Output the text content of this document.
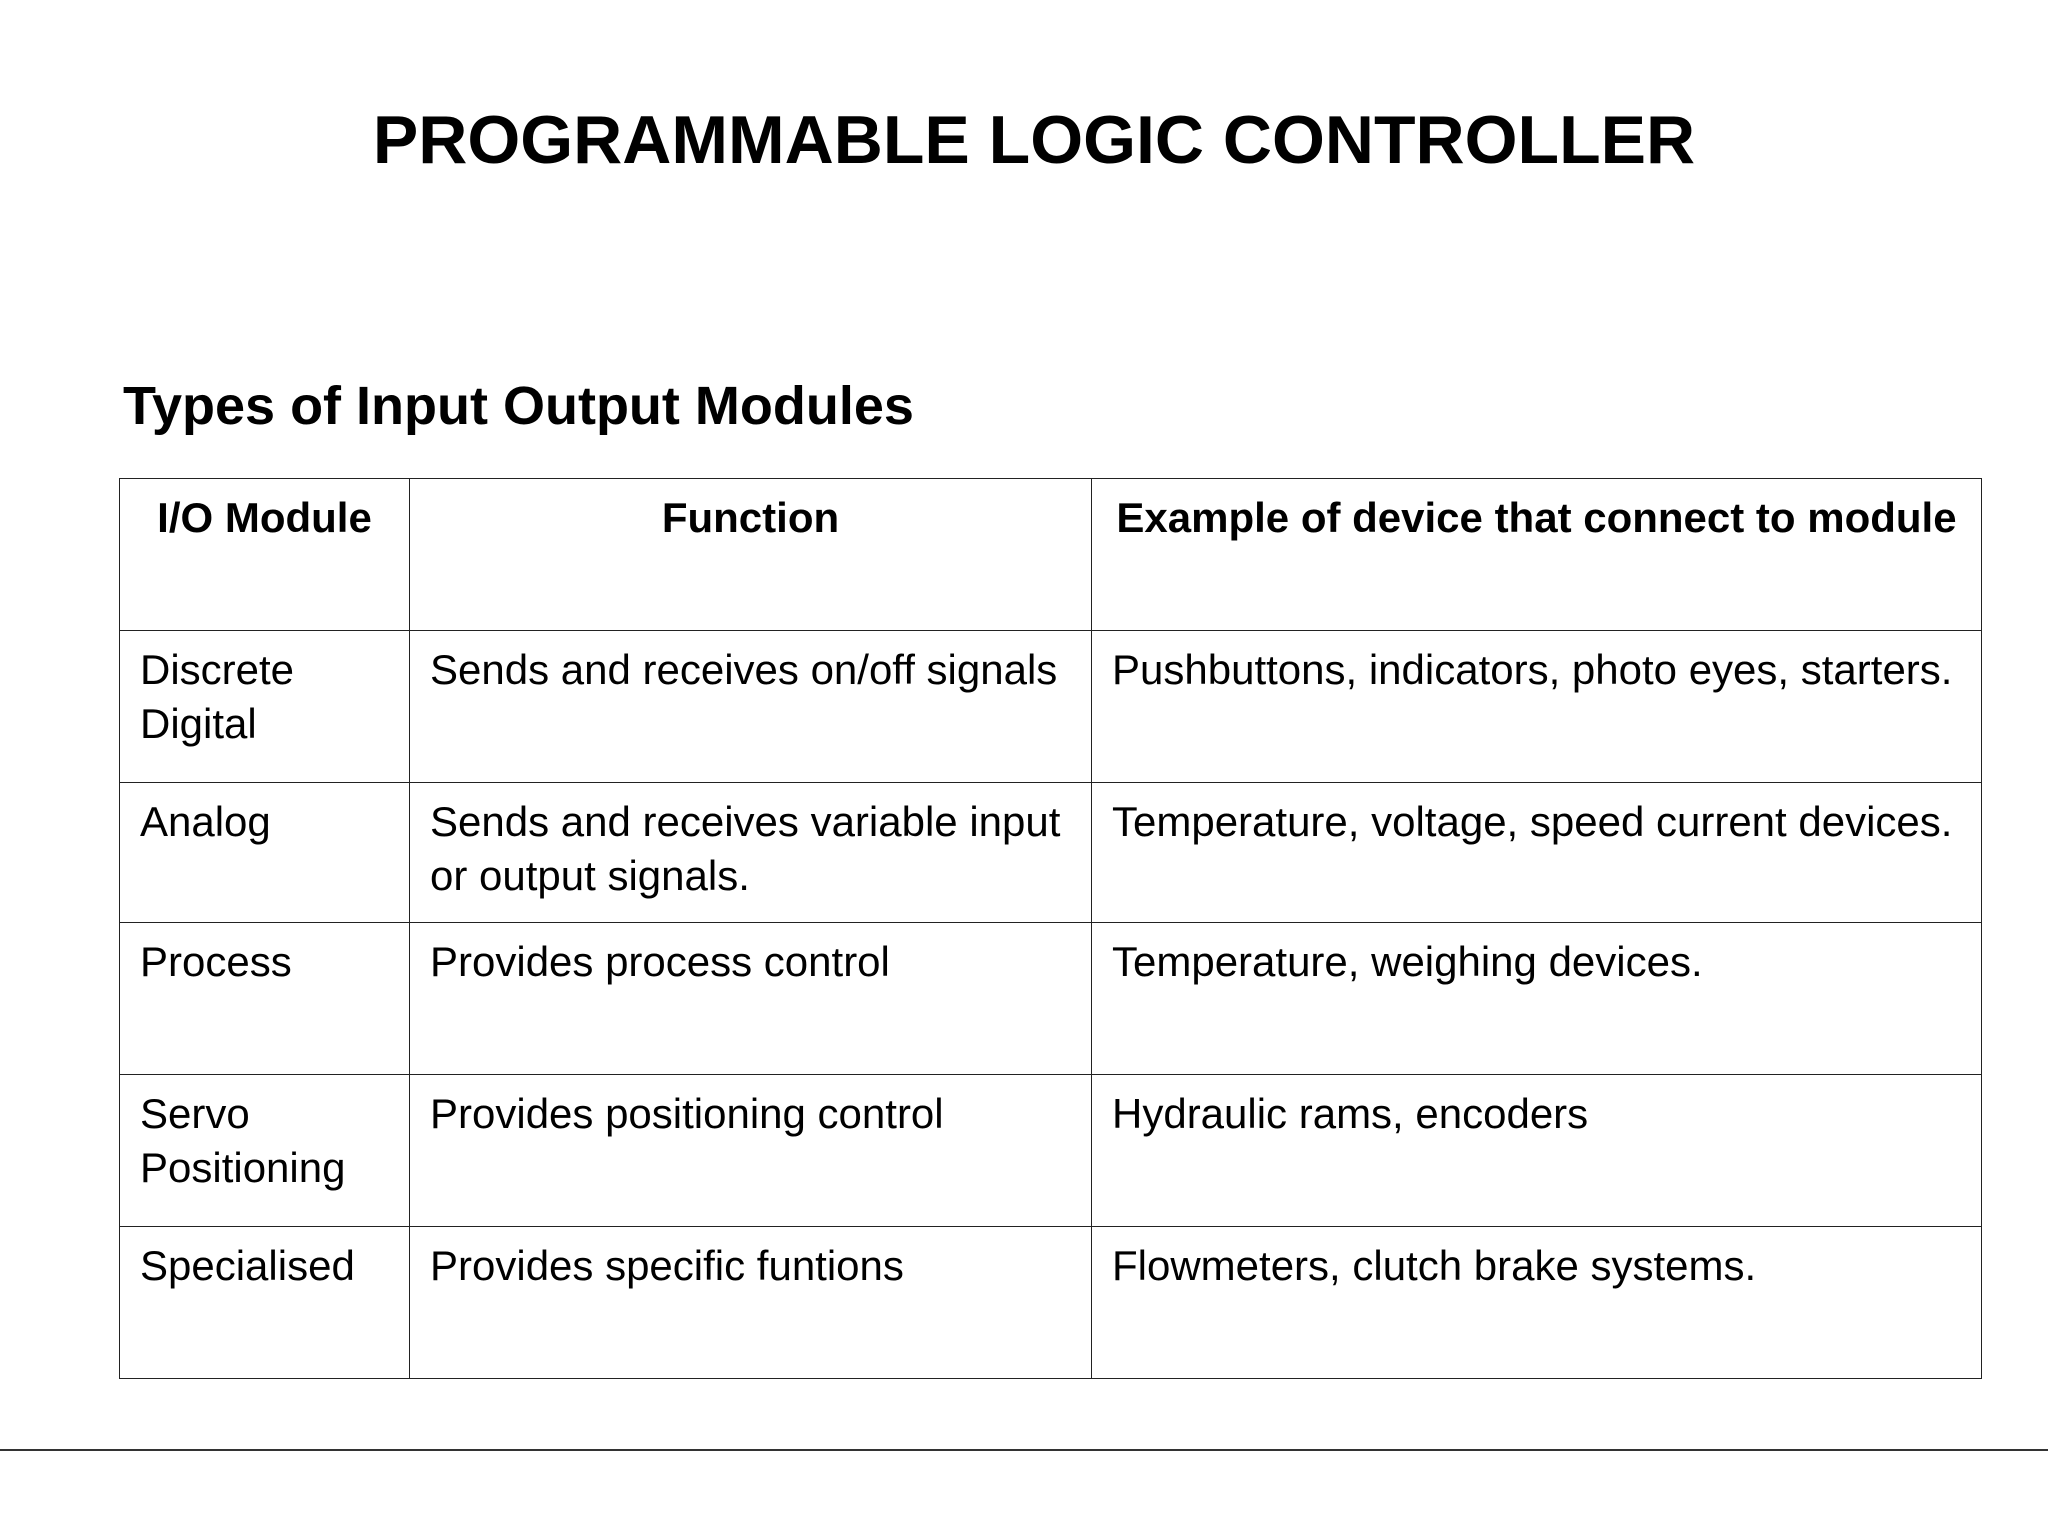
PROGRAMMABLE LOGIC CONTROLLER
Types of Input Output Modules
I/O Module	Function	Example of device that connect to module
Discrete Digital	Sends and receives on/off signals	Pushbuttons, indicators, photo eyes, starters.
Analog	Sends and receives variable input or output signals.	Temperature, voltage, speed current devices.
Process	Provides process control	Temperature, weighing devices.
Servo Positioning	Provides positioning control	Hydraulic rams, encoders
Specialised	Provides specific funtions	Flowmeters, clutch brake systems.
